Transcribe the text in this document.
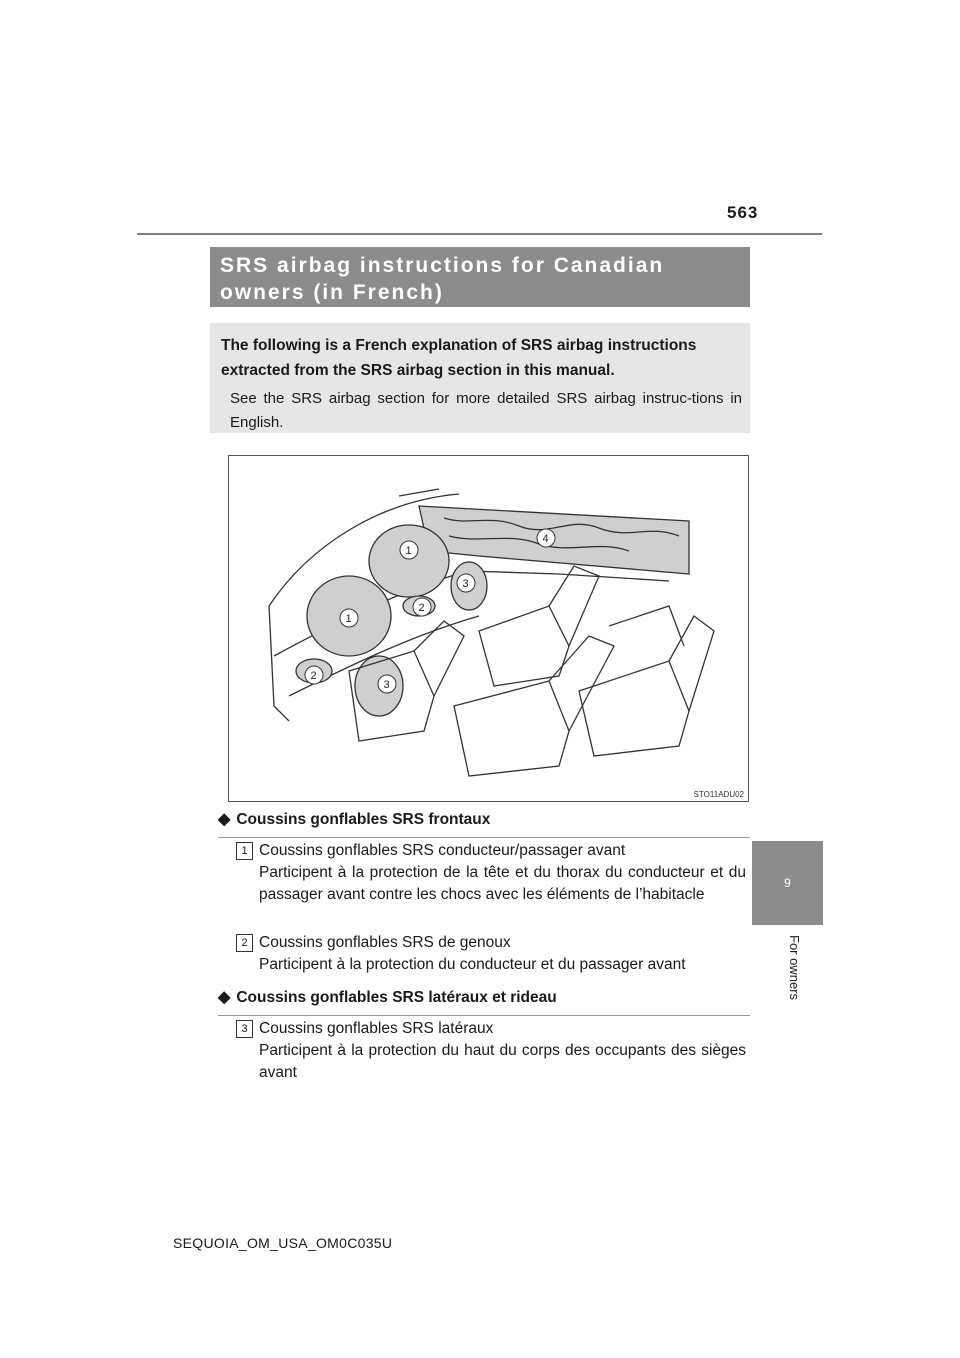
563
9
For owners
SRS airbag instructions for Canadian
owners (in French)

The following is a French explanation of SRS airbag instructions extracted from the SRS airbag section in this manual.

See the SRS airbag section for more detailed SRS airbag instruc-tions in English.

1
1
2
2
3
3
4
STO11ADU02
◆ Coussins gonflables SRS frontaux
1 Coussins gonflables SRS conducteur/passager avant
Participent à la protection de la tête et du thorax du conducteur et du passager avant contre les chocs avec les éléments de l’habitacle
2 Coussins gonflables SRS de genoux
Participent à la protection du conducteur et du passager avant
◆ Coussins gonflables SRS latéraux et rideau
3 Coussins gonflables SRS latéraux
Participent à la protection du haut du corps des occupants des sièges avant
SEQUOIA_OM_USA_OM0C035U
